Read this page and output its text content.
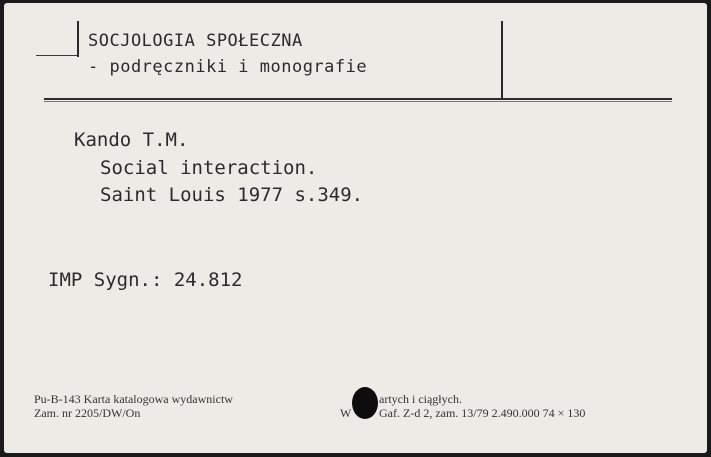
SOCJOLOGIA SPOŁECZNA
- podręczniki i monografie
Kando T.M.
Social interaction.
Saint Louis 1977 s.349.
IMP Sygn.: 24.812
Pu-B-143 Karta katalogowa wydawnictw	artych i ciągłych.
Zam. nr 2205/DW/On	W Gaf. Z-d 2, zam. 13/79 2.490.000 74 × 130
